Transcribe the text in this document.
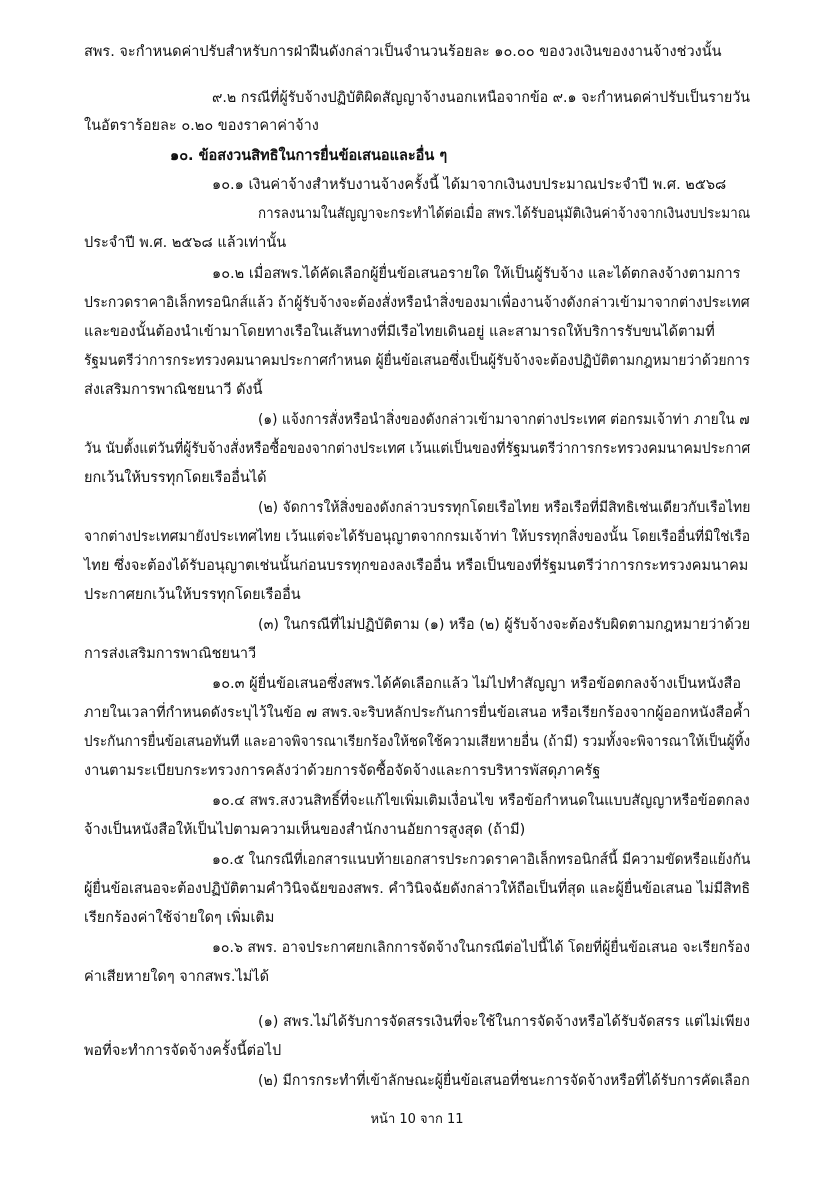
สพร. จะกำหนดค่าปรับสำหรับการฝ่าฝืนดังกล่าวเป็นจำนวนร้อยละ ๑๐.๐๐ ของวงเงินของงานจ้างช่วงนั้น
๙.๒ กรณีที่ผู้รับจ้างปฏิบัติผิดสัญญาจ้างนอกเหนือจากข้อ ๙.๑ จะกำหนดค่าปรับเป็นรายวัน
ในอัตราร้อยละ ๐.๒๐ ของราคาค่าจ้าง
๑๐. ข้อสงวนสิทธิในการยื่นข้อเสนอและอื่น ๆ
๑๐.๑ เงินค่าจ้างสำหรับงานจ้างครั้งนี้ ได้มาจากเงินงบประมาณประจำปี พ.ศ. ๒๕๖๘
การลงนามในสัญญาจะกระทำได้ต่อเมื่อ สพร.ได้รับอนุมัติเงินค่าจ้างจากเงินงบประมาณ
ประจำปี พ.ศ. ๒๕๖๘ แล้วเท่านั้น
๑๐.๒ เมื่อสพร.ได้คัดเลือกผู้ยื่นข้อเสนอรายใด ให้เป็นผู้รับจ้าง และได้ตกลงจ้างตามการ
ประกวดราคาอิเล็กทรอนิกส์แล้ว ถ้าผู้รับจ้างจะต้องสั่งหรือนำสิ่งของมาเพื่องานจ้างดังกล่าวเข้ามาจากต่างประเทศ
และของนั้นต้องนำเข้ามาโดยทางเรือในเส้นทางที่มีเรือไทยเดินอยู่ และสามารถให้บริการรับขนได้ตามที่
รัฐมนตรีว่าการกระทรวงคมนาคมประกาศกำหนด ผู้ยื่นข้อเสนอซึ่งเป็นผู้รับจ้างจะต้องปฏิบัติตามกฎหมายว่าด้วยการ
ส่งเสริมการพาณิชยนาวี ดังนี้
(๑) แจ้งการสั่งหรือนำสิ่งของดังกล่าวเข้ามาจากต่างประเทศ ต่อกรมเจ้าท่า ภายใน ๗
วัน นับตั้งแต่วันที่ผู้รับจ้างสั่งหรือซื้อของจากต่างประเทศ เว้นแต่เป็นของที่รัฐมนตรีว่าการกระทรวงคมนาคมประกาศ
ยกเว้นให้บรรทุกโดยเรืออื่นได้
(๒) จัดการให้สิ่งของดังกล่าวบรรทุกโดยเรือไทย หรือเรือที่มีสิทธิเช่นเดียวกับเรือไทย
จากต่างประเทศมายังประเทศไทย เว้นแต่จะได้รับอนุญาตจากกรมเจ้าท่า ให้บรรทุกสิ่งของนั้น โดยเรืออื่นที่มิใช่เรือ
ไทย ซึ่งจะต้องได้รับอนุญาตเช่นนั้นก่อนบรรทุกของลงเรืออื่น หรือเป็นของที่รัฐมนตรีว่าการกระทรวงคมนาคม
ประกาศยกเว้นให้บรรทุกโดยเรืออื่น
(๓) ในกรณีที่ไม่ปฏิบัติตาม (๑) หรือ (๒) ผู้รับจ้างจะต้องรับผิดตามกฎหมายว่าด้วย
การส่งเสริมการพาณิชยนาวี
๑๐.๓ ผู้ยื่นข้อเสนอซึ่งสพร.ได้คัดเลือกแล้ว ไม่ไปทำสัญญา หรือข้อตกลงจ้างเป็นหนังสือ
ภายในเวลาที่กำหนดดังระบุไว้ในข้อ ๗ สพร.จะริบหลักประกันการยื่นข้อเสนอ หรือเรียกร้องจากผู้ออกหนังสือค้ำ
ประกันการยื่นข้อเสนอทันที และอาจพิจารณาเรียกร้องให้ชดใช้ความเสียหายอื่น (ถ้ามี) รวมทั้งจะพิจารณาให้เป็นผู้ทิ้ง
งานตามระเบียบกระทรวงการคลังว่าด้วยการจัดซื้อจัดจ้างและการบริหารพัสดุภาครัฐ
๑๐.๔ สพร.สงวนสิทธิ์ที่จะแก้ไขเพิ่มเติมเงื่อนไข หรือข้อกำหนดในแบบสัญญาหรือข้อตกลง
จ้างเป็นหนังสือให้เป็นไปตามความเห็นของสำนักงานอัยการสูงสุด (ถ้ามี)
๑๐.๕ ในกรณีที่เอกสารแนบท้ายเอกสารประกวดราคาอิเล็กทรอนิกส์นี้ มีความขัดหรือแย้งกัน
ผู้ยื่นข้อเสนอจะต้องปฏิบัติตามคำวินิจฉัยของสพร. คำวินิจฉัยดังกล่าวให้ถือเป็นที่สุด และผู้ยื่นข้อเสนอ ไม่มีสิทธิ
เรียกร้องค่าใช้จ่ายใดๆ เพิ่มเติม
๑๐.๖ สพร. อาจประกาศยกเลิกการจัดจ้างในกรณีต่อไปนี้ได้ โดยที่ผู้ยื่นข้อเสนอ จะเรียกร้อง
ค่าเสียหายใดๆ จากสพร.ไม่ได้
(๑) สพร.ไม่ได้รับการจัดสรรเงินที่จะใช้ในการจัดจ้างหรือได้รับจัดสรร แต่ไม่เพียง
พอที่จะทำการจัดจ้างครั้งนี้ต่อไป
(๒) มีการกระทำที่เข้าลักษณะผู้ยื่นข้อเสนอที่ชนะการจัดจ้างหรือที่ได้รับการคัดเลือก
หน้า 10 จาก 11
